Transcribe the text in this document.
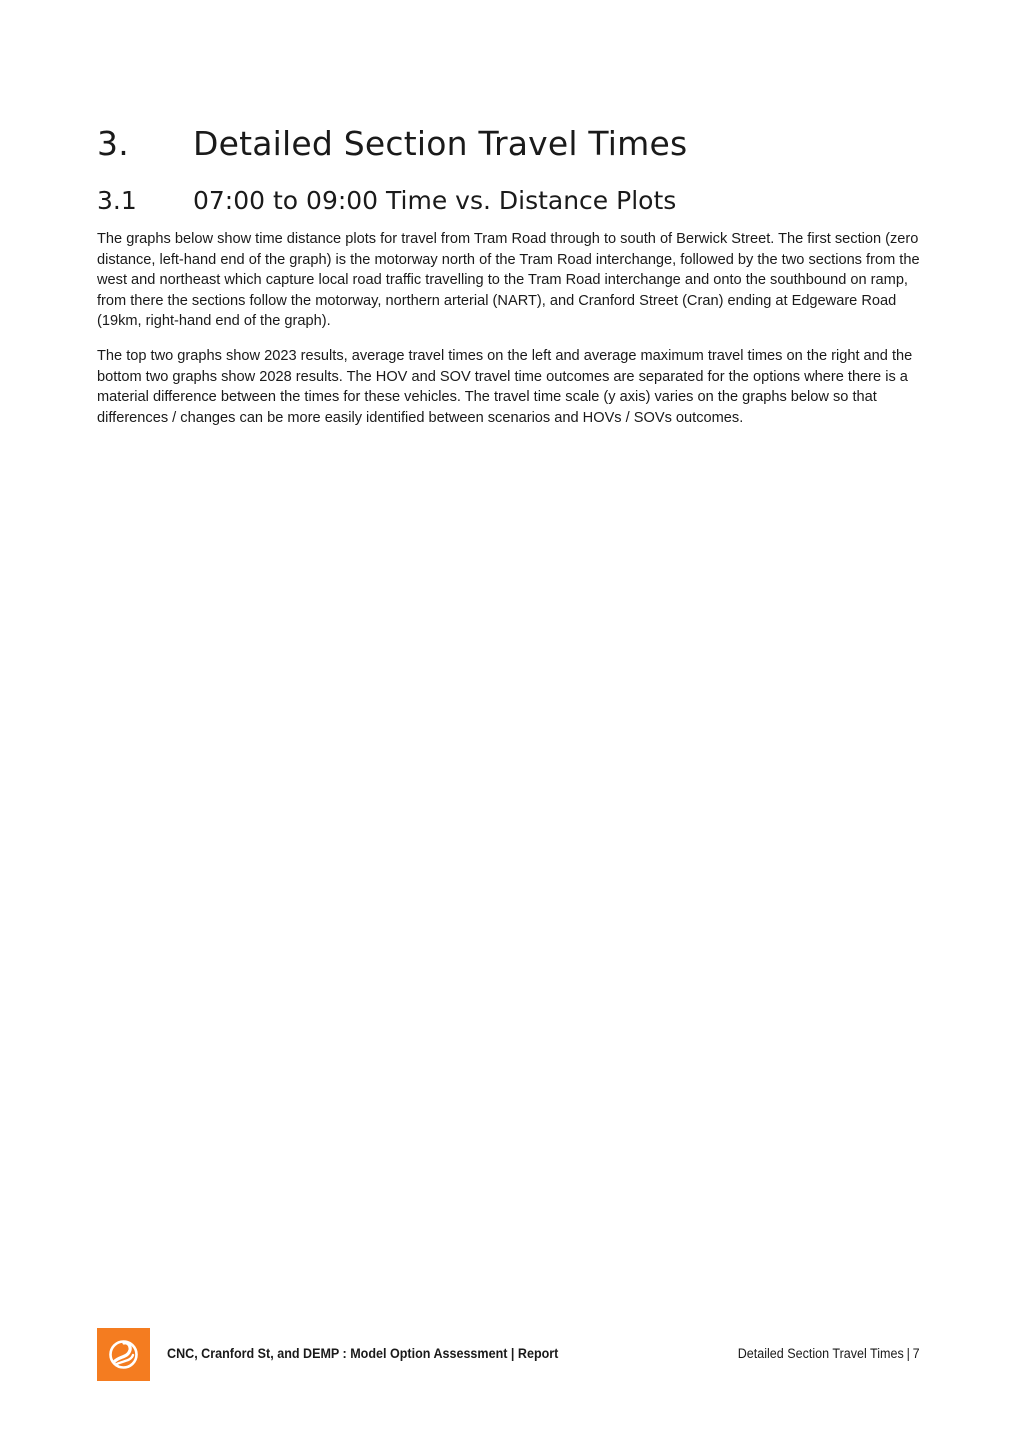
3. Detailed Section Travel Times
3.1 07:00 to 09:00 Time vs. Distance Plots

The graphs below show time distance plots for travel from Tram Road through to south of Berwick Street. The first section (zero distance, left-hand end of the graph) is the motorway north of the Tram Road interchange, followed by the two sections from the west and northeast which capture local road traffic travelling to the Tram Road interchange and onto the southbound on ramp, from there the sections follow the motorway, northern arterial (NART), and Cranford Street (Cran) ending at Edgeware Road (19km, right-hand end of the graph).

The top two graphs show 2023 results, average travel times on the left and average maximum travel times on the right and the bottom two graphs show 2028 results. The HOV and SOV travel time outcomes are separated for the options where there is a material difference between the times for these vehicles. The travel time scale (y axis) varies on the graphs below so that differences / changes can be more easily identified between scenarios and HOVs / SOVs outcomes.

CNC, Cranford St, and DEMP : Model Option Assessment | Report	Detailed Section Travel Times | 7
